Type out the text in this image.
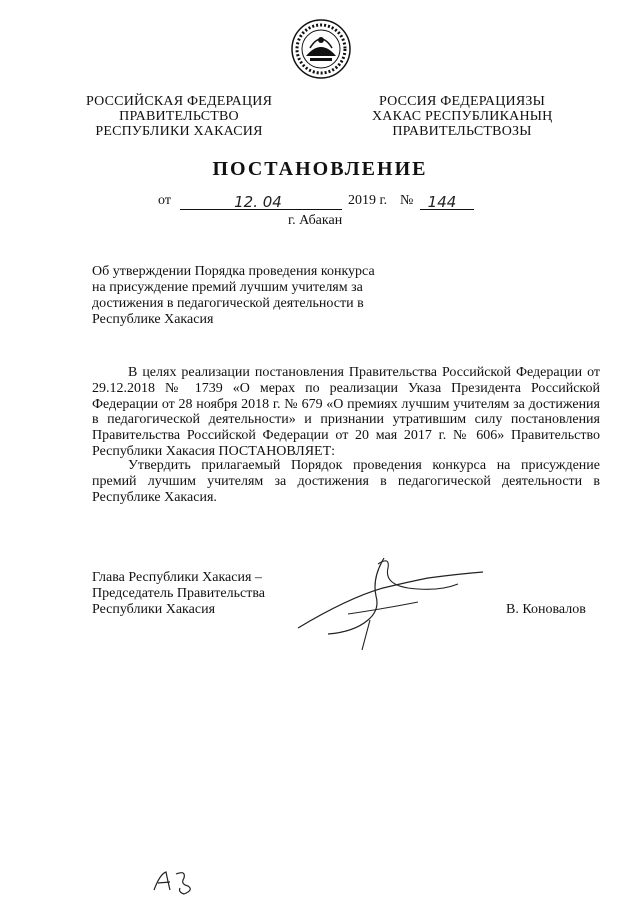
РОССИЙСКАЯ ФЕДЕРАЦИЯ
ПРАВИТЕЛЬСТВО
РЕСПУБЛИКИ ХАКАСИЯ
РОССИЯ ФЕДЕРАЦИЯЗЫ
ХАКАС РЕСПУБЛИКАНЫҢ
ПРАВИТЕЛЬСТВОЗЫ
ПОСТАНОВЛЕНИЕ
от	12. 04	2019 г. № 144
г. Абакан
Об утверждении Порядка проведения конкурса
на присуждение премий лучшим учителям за
достижения в педагогической деятельности в
Республике Хакасия
В целях реализации постановления Правительства Российской Федерации от 29.12.2018 № 1739 «О мерах по реализации Указа Президента Российской Федерации от 28 ноября 2018 г. № 679 «О премиях лучшим учителям за достижения в педагогической деятельности» и признании утратившим силу постановления Правительства Российской Федерации от 20 мая 2017 г. № 606» Правительство Республики Хакасия ПОСТАНОВЛЯЕТ:
Утвердить прилагаемый Порядок проведения конкурса на присуждение премий лучшим учителям за достижения в педагогической деятельности в Республике Хакасия.
Глава Республики Хакасия –
Председатель Правительства
Республики Хакасия	В. Коновалов
